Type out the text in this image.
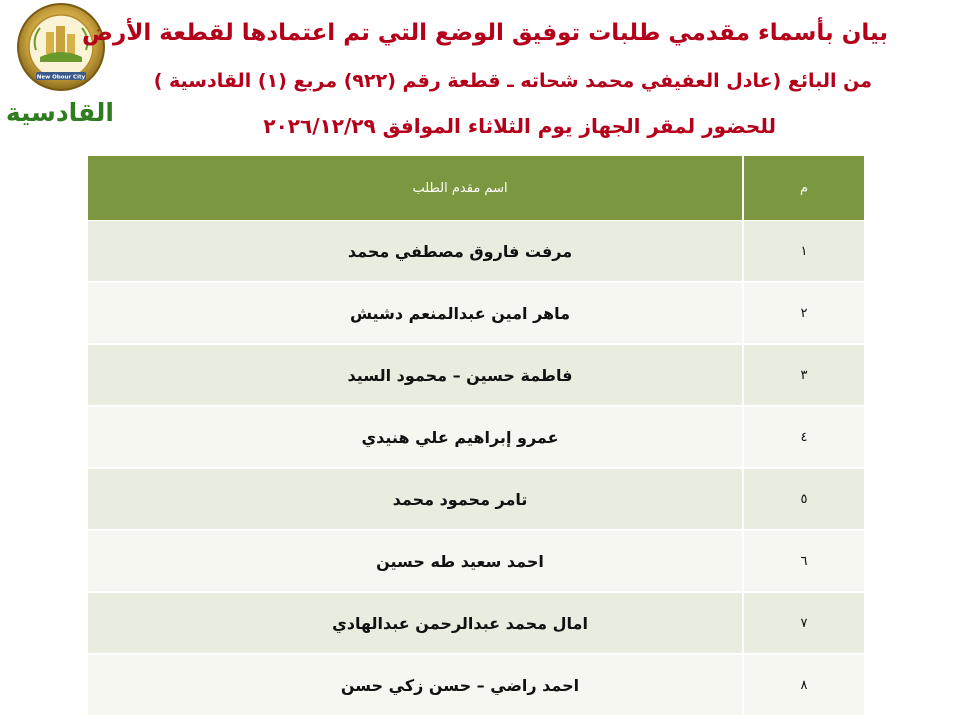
New Obour City
القادسية
بيان بأسماء مقدمي طلبات توفيق الوضع التي تم اعتمادها لقطعة الأرض
من البائع (عادل العفيفي محمد شحاته ـ قطعة رقم (٩٢٢) مربع (١) القادسية )
للحضور لمقر الجهاز يوم الثلاثاء الموافق ٢٠٢٦/١٢/٢٩
م
اسم مقدم الطلب
١
مرفت فاروق مصطفي محمد
٢
ماهر امين عبدالمنعم دشيش
٣
فاطمة حسين – محمود السيد
٤
عمرو إبراهيم علي هنيدي
٥
تامر محمود محمد
٦
احمد سعيد طه حسين
٧
امال محمد عبدالرحمن عبدالهادي
٨
احمد راضي – حسن زكي حسن
